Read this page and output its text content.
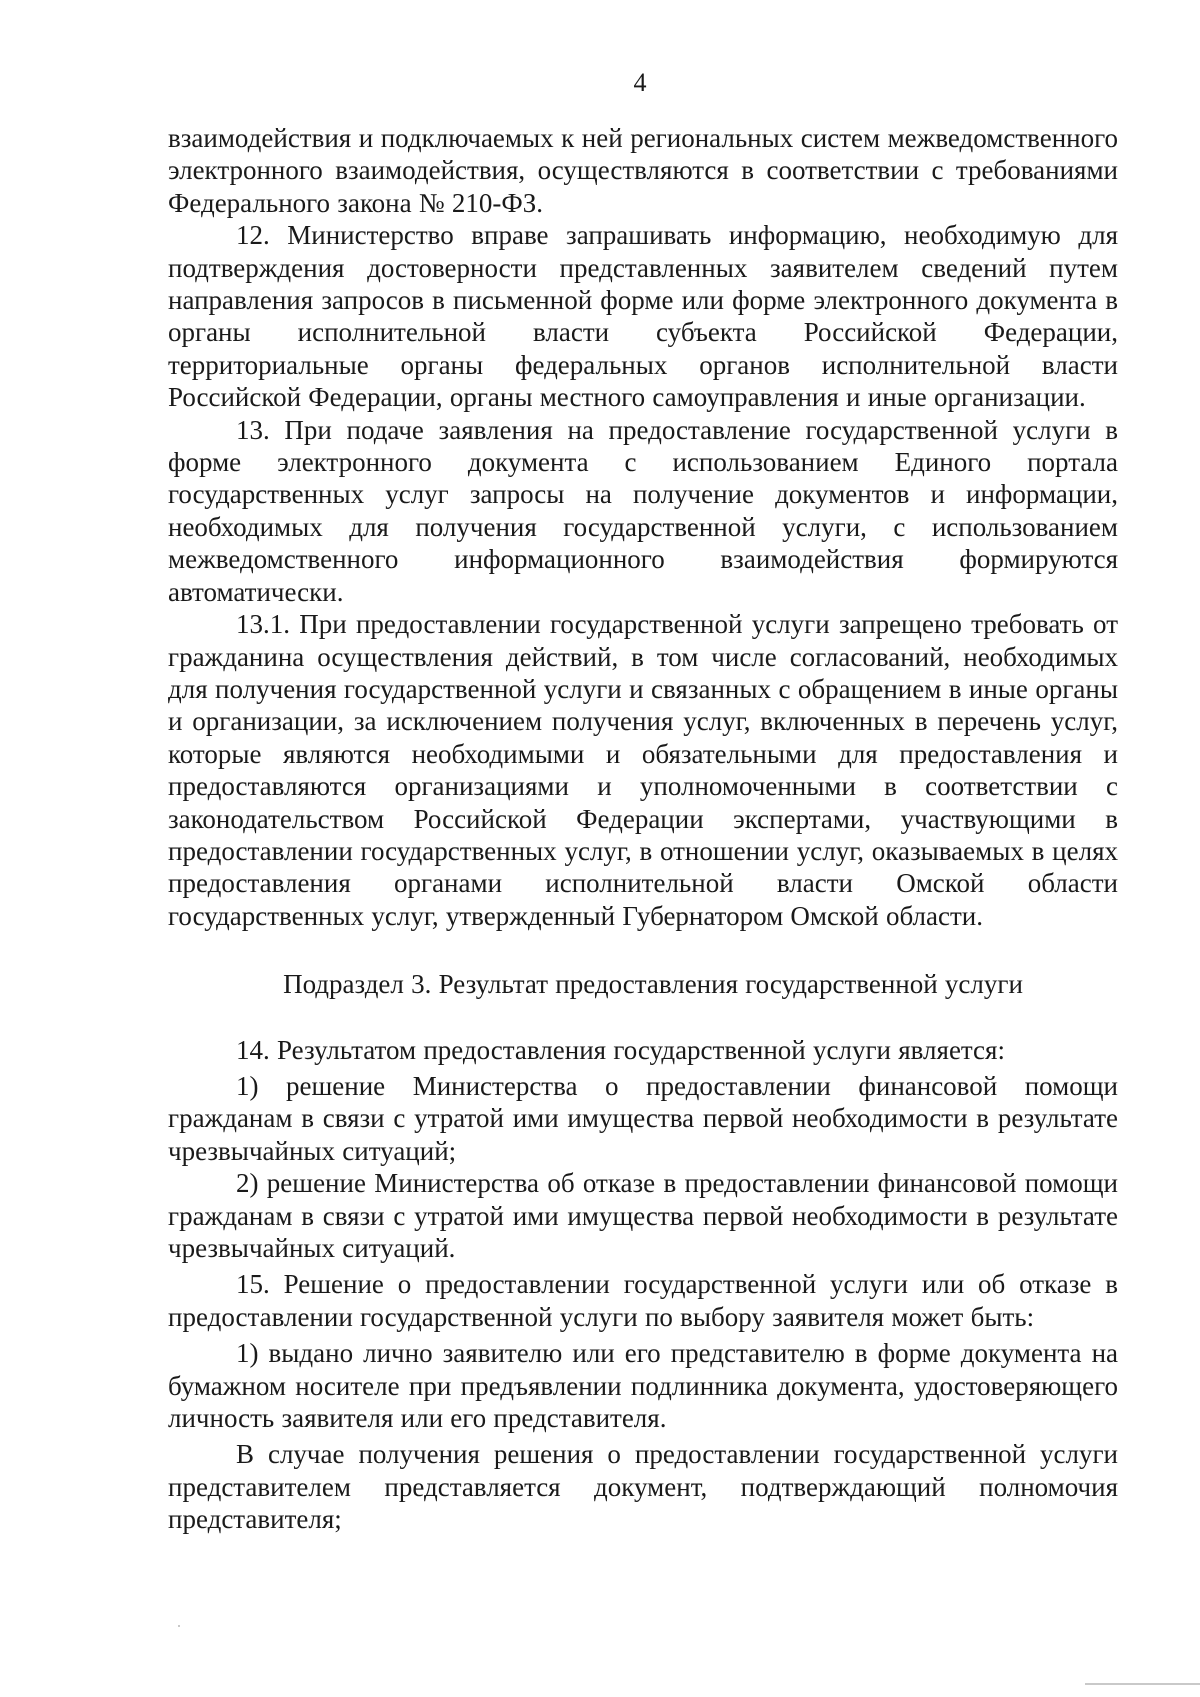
4

взаимодействия и подключаемых к ней региональных систем межведомственного электронного взаимодействия, осуществляются в соответствии с требованиями Федерального закона № 210-ФЗ.

12. Министерство вправе запрашивать информацию, необходимую для подтверждения достоверности представленных заявителем сведений путем направления запросов в письменной форме или форме электронного документа в органы исполнительной власти субъекта Российской Федерации, территориальные органы федеральных органов исполнительной власти Российской Федерации, органы местного самоуправления и иные организации.

13. При подаче заявления на предоставление государственной услуги в форме электронного документа с использованием Единого портала государственных услуг запросы на получение документов и информации, необходимых для получения государственной услуги, с использованием межведомственного информационного взаимодействия формируются автоматически.

13.1. При предоставлении государственной услуги запрещено требовать от гражданина осуществления действий, в том числе согласований, необходимых для получения государственной услуги и связанных с обращением в иные органы и организации, за исключением получения услуг, включенных в перечень услуг, которые являются необходимыми и обязательными для предоставления и предоставляются организациями и уполномоченными в соответствии с законодательством Российской Федерации экспертами, участвующими в предоставлении государственных услуг, в отношении услуг, оказываемых в целях предоставления органами исполнительной власти Омской области государственных услуг, утвержденный Губернатором Омской области.

Подраздел 3. Результат предоставления государственной услуги

14. Результатом предоставления государственной услуги является:

1) решение Министерства о предоставлении финансовой помощи гражданам в связи с утратой ими имущества первой необходимости в результате чрезвычайных ситуаций;

2) решение Министерства об отказе в предоставлении финансовой помощи гражданам в связи с утратой ими имущества первой необходимости в результате чрезвычайных ситуаций.

15. Решение о предоставлении государственной услуги или об отказе в предоставлении государственной услуги по выбору заявителя может быть:

1) выдано лично заявителю или его представителю в форме документа на бумажном носителе при предъявлении подлинника документа, удостоверяющего личность заявителя или его представителя.

В случае получения решения о предоставлении государственной услуги представителем представляется документ, подтверждающий полномочия представителя;
